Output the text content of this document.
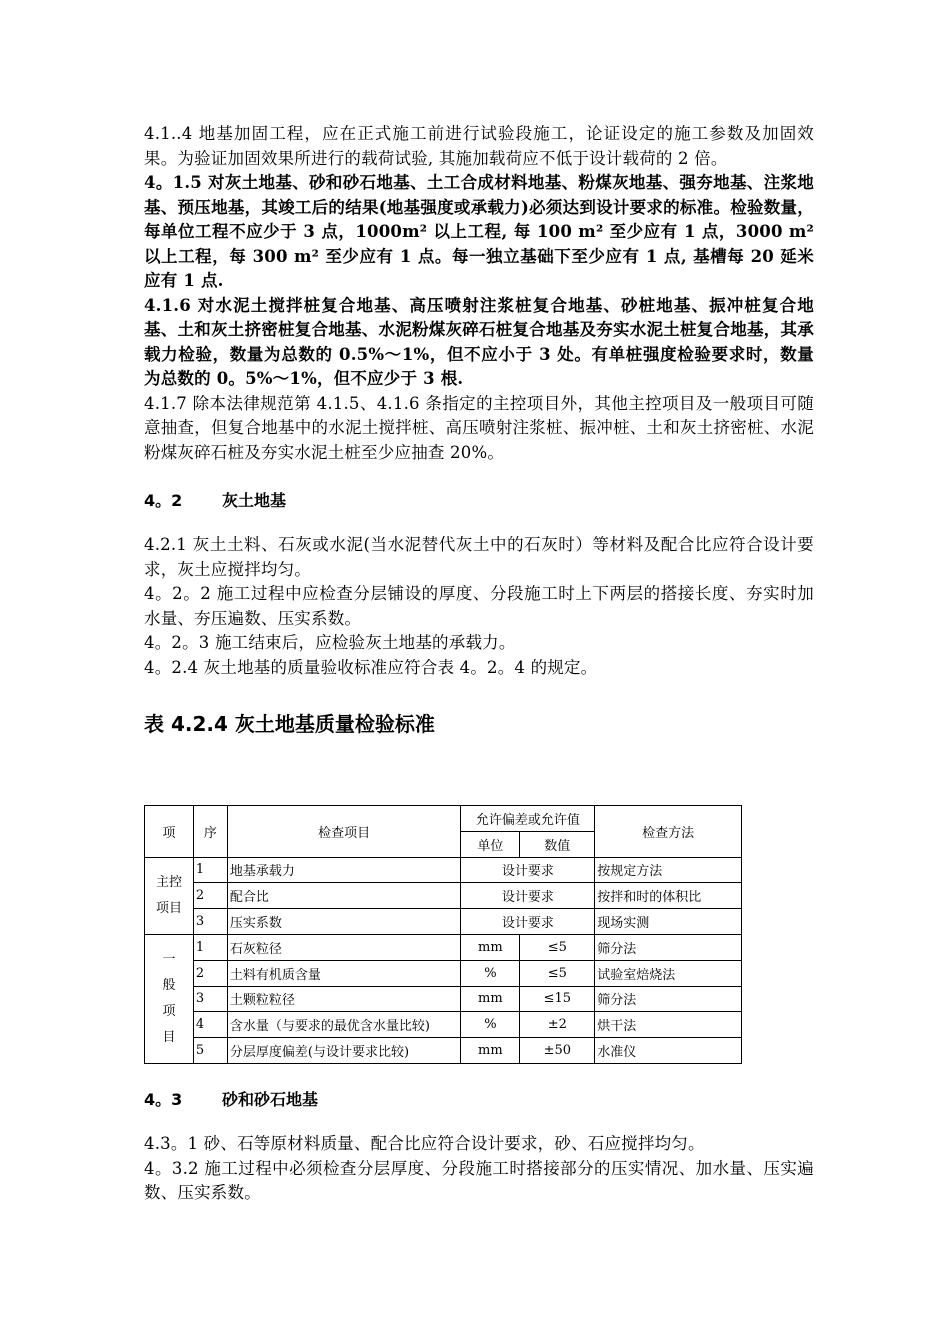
4.1..4 地基加固工程，应在正式施工前进行试验段施工，论证设定的施工参数及加固效果。为验证加固效果所进行的载荷试验, 其施加载荷应不低于设计载荷的 2 倍。

4。1.5 对灰土地基、砂和砂石地基、土工合成材料地基、粉煤灰地基、强夯地基、注浆地基、预压地基，其竣工后的结果(地基强度或承载力)必须达到设计要求的标准。检验数量，每单位工程不应少于 3 点，1000m² 以上工程, 每 100 m² 至少应有 1 点，3000 m² 以上工程，每 300 m² 至少应有 1 点。每一独立基础下至少应有 1 点, 基槽每 20 延米应有 1 点.

4.1.6 对水泥土搅拌桩复合地基、高压喷射注浆桩复合地基、砂桩地基、振冲桩复合地基、土和灰土挤密桩复合地基、水泥粉煤灰碎石桩复合地基及夯实水泥土桩复合地基，其承载力检验，数量为总数的 0.5%～1%，但不应小于 3 处。有单桩强度检验要求时，数量为总数的 0。5%～1%，但不应少于 3 根.

4.1.7 除本法律规范第 4.1.5、4.1.6 条指定的主控项目外，其他主控项目及一般项目可随意抽查，但复合地基中的水泥土搅拌桩、高压喷射注浆桩、振冲桩、土和灰土挤密桩、水泥粉煤灰碎石桩及夯实水泥土桩至少应抽查 20%。

4。2 灰土地基

4.2.1 灰土土料、石灰或水泥(当水泥替代灰土中的石灰时）等材料及配合比应符合设计要求，灰土应搅拌均匀。

4。2。2 施工过程中应检查分层铺设的厚度、分段施工时上下两层的搭接长度、夯实时加水量、夯压遍数、压实系数。

4。2。3 施工结束后，应检验灰土地基的承载力。

4。2.4 灰土地基的质量验收标准应符合表 4。2。4 的规定。

表 4.2.4 灰土地基质量检验标准

项	序	检查项目	允许偏差或允许值		检查方法
			单位	数值	
主控
项目	1	地基承载力	设计要求		按规定方法
	2	配合比	设计要求		按拌和时的体积比
	3	压实系数	设计要求		现场实测
一
般
项
目	1	石灰粒径	mm	≤5	筛分法
	2	土料有机质含量	%	≤5	试验室焙烧法
	3	土颗粒粒径	mm	≤15	筛分法
	4	含水量（与要求的最优含水量比较)	%	±2	烘干法
	5	分层厚度偏差(与设计要求比较)	mm	±50	水准仪

4。3 砂和砂石地基

4.3。1 砂、石等原材料质量、配合比应符合设计要求，砂、石应搅拌均匀。

4。3.2 施工过程中必须检查分层厚度、分段施工时搭接部分的压实情况、加水量、压实遍数、压实系数。
